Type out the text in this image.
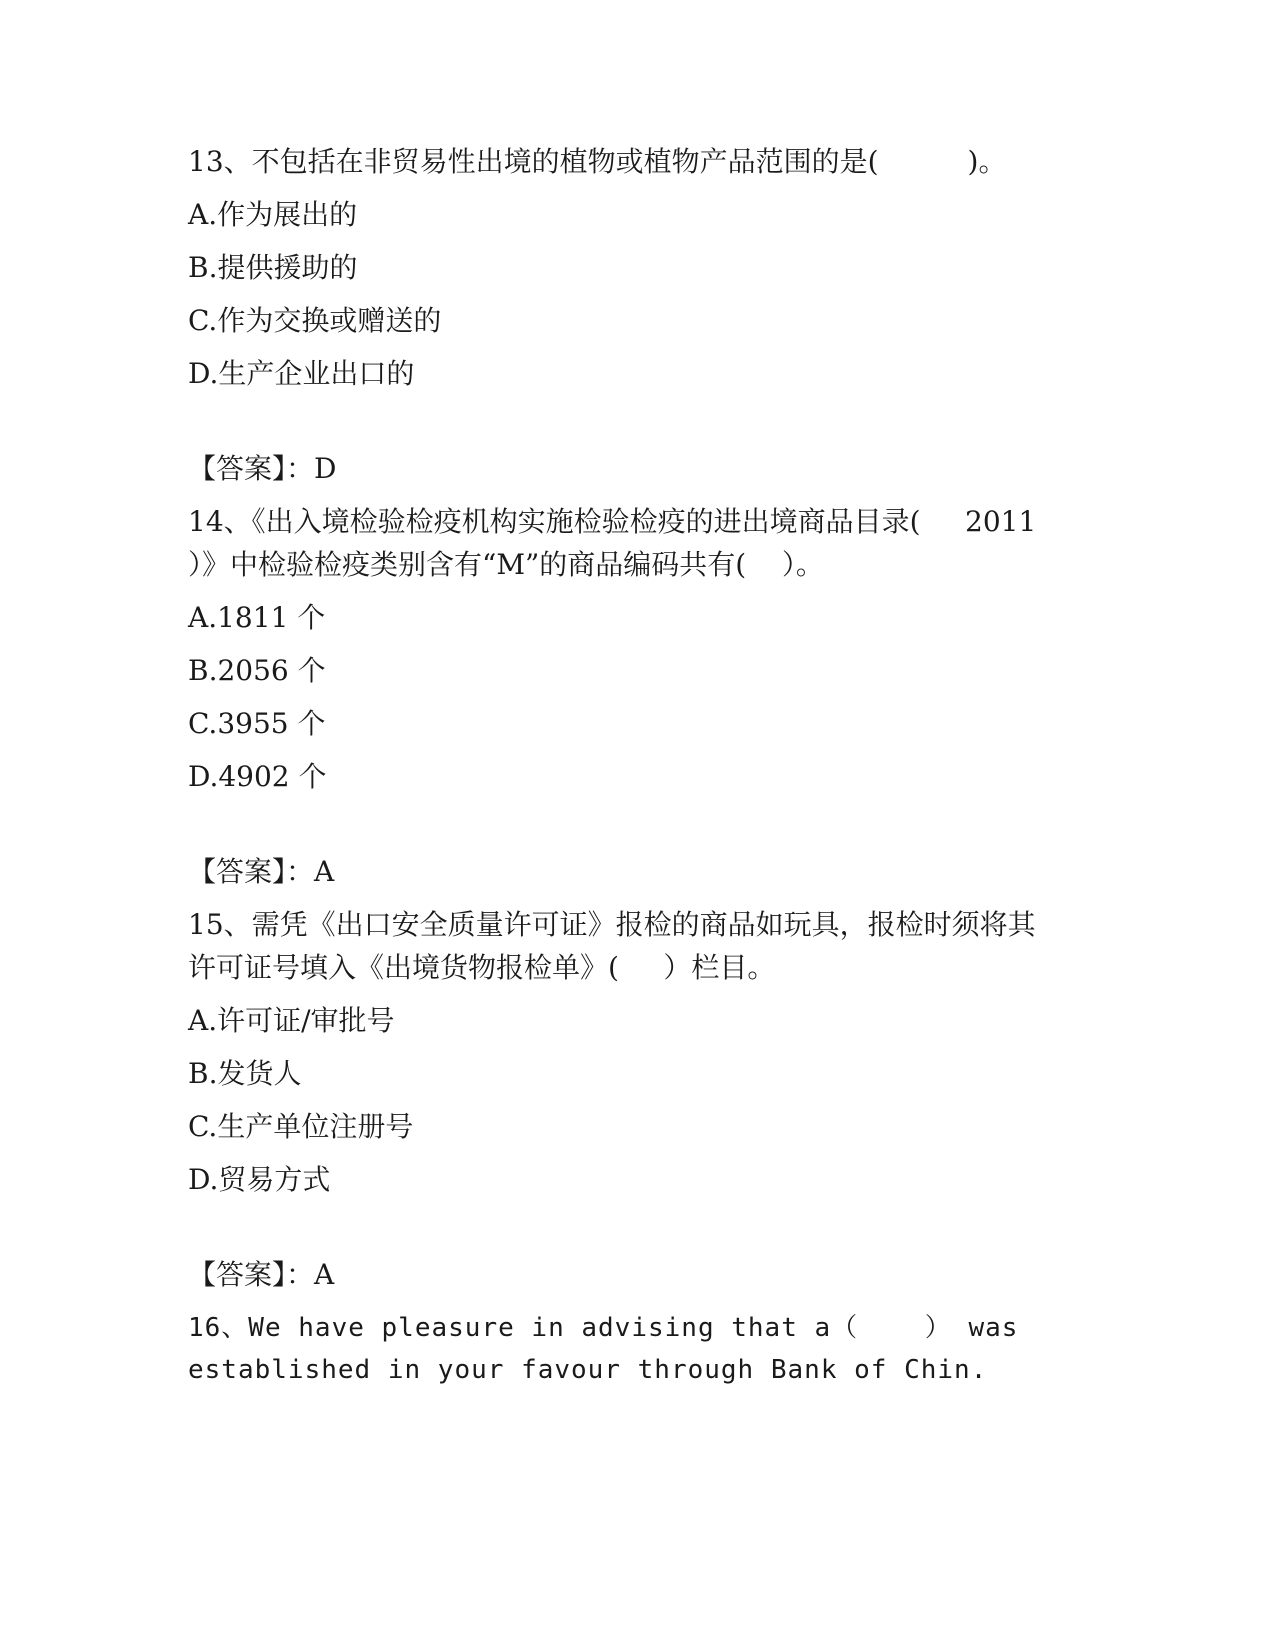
13、不包括在非贸易性出境的植物或植物产品范围的是(          )。
A.作为展出的
B.提供援助的
C.作为交换或赠送的
D.生产企业出口的
【答案】：D
14、《出入境检验检疫机构实施检验检疫的进出境商品目录(     2011
）》中检验检疫类别含有“M”的商品编码共有(    ）。
A.1811 个
B.2056 个
C.3955 个
D.4902 个
【答案】：A
15、需凭《出口安全质量许可证》报检的商品如玩具，报检时须将其
许可证号填入《出境货物报检单》(     ）栏目。
A.许可证/审批号
B.发货人
C.生产单位注册号
D.贸易方式
【答案】：A
16、We have pleasure in advising that a（    ） was
established in your favour through Bank of Chin.
